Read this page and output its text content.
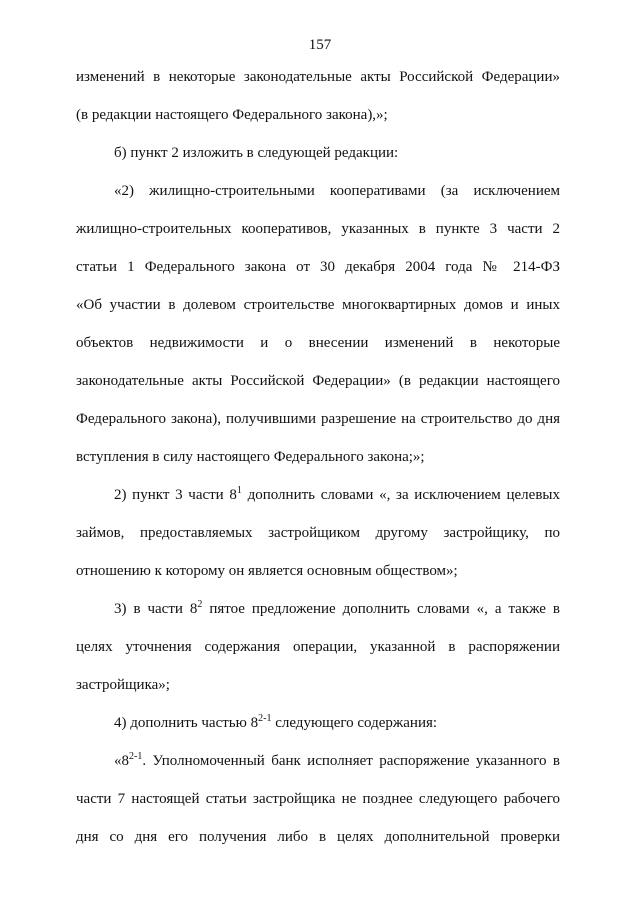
157
изменений в некоторые законодательные акты Российской Федерации»
(в редакции настоящего Федерального закона),»;
б) пункт 2 изложить в следующей редакции:
«2) жилищно-строительными кооперативами (за исключением
жилищно-строительных кооперативов, указанных в пункте 3 части 2
статьи 1 Федерального закона от 30 декабря 2004 года № 214-ФЗ
«Об участии в долевом строительстве многоквартирных домов и иных
объектов недвижимости и о внесении изменений в некоторые
законодательные акты Российской Федерации» (в редакции настоящего
Федерального закона), получившими разрешение на строительство до дня
вступления в силу настоящего Федерального закона;»;
2) пункт 3 части $8^1$ дополнить словами «, за исключением целевых
займов, предоставляемых застройщиком другому застройщику, по
отношению к которому он является основным обществом»;
3) в части $8^2$ пятое предложение дополнить словами «, а также в
целях уточнения содержания операции, указанной в распоряжении
застройщика»;
4) дополнить частью 8$^{2-1}$ следующего содержания:
«8$^{2-1}$. Уполномоченный банк исполняет распоряжение указанного в
части 7 настоящей статьи застройщика не позднее следующего рабочего
дня со дня его получения либо в целях дополнительной проверки
